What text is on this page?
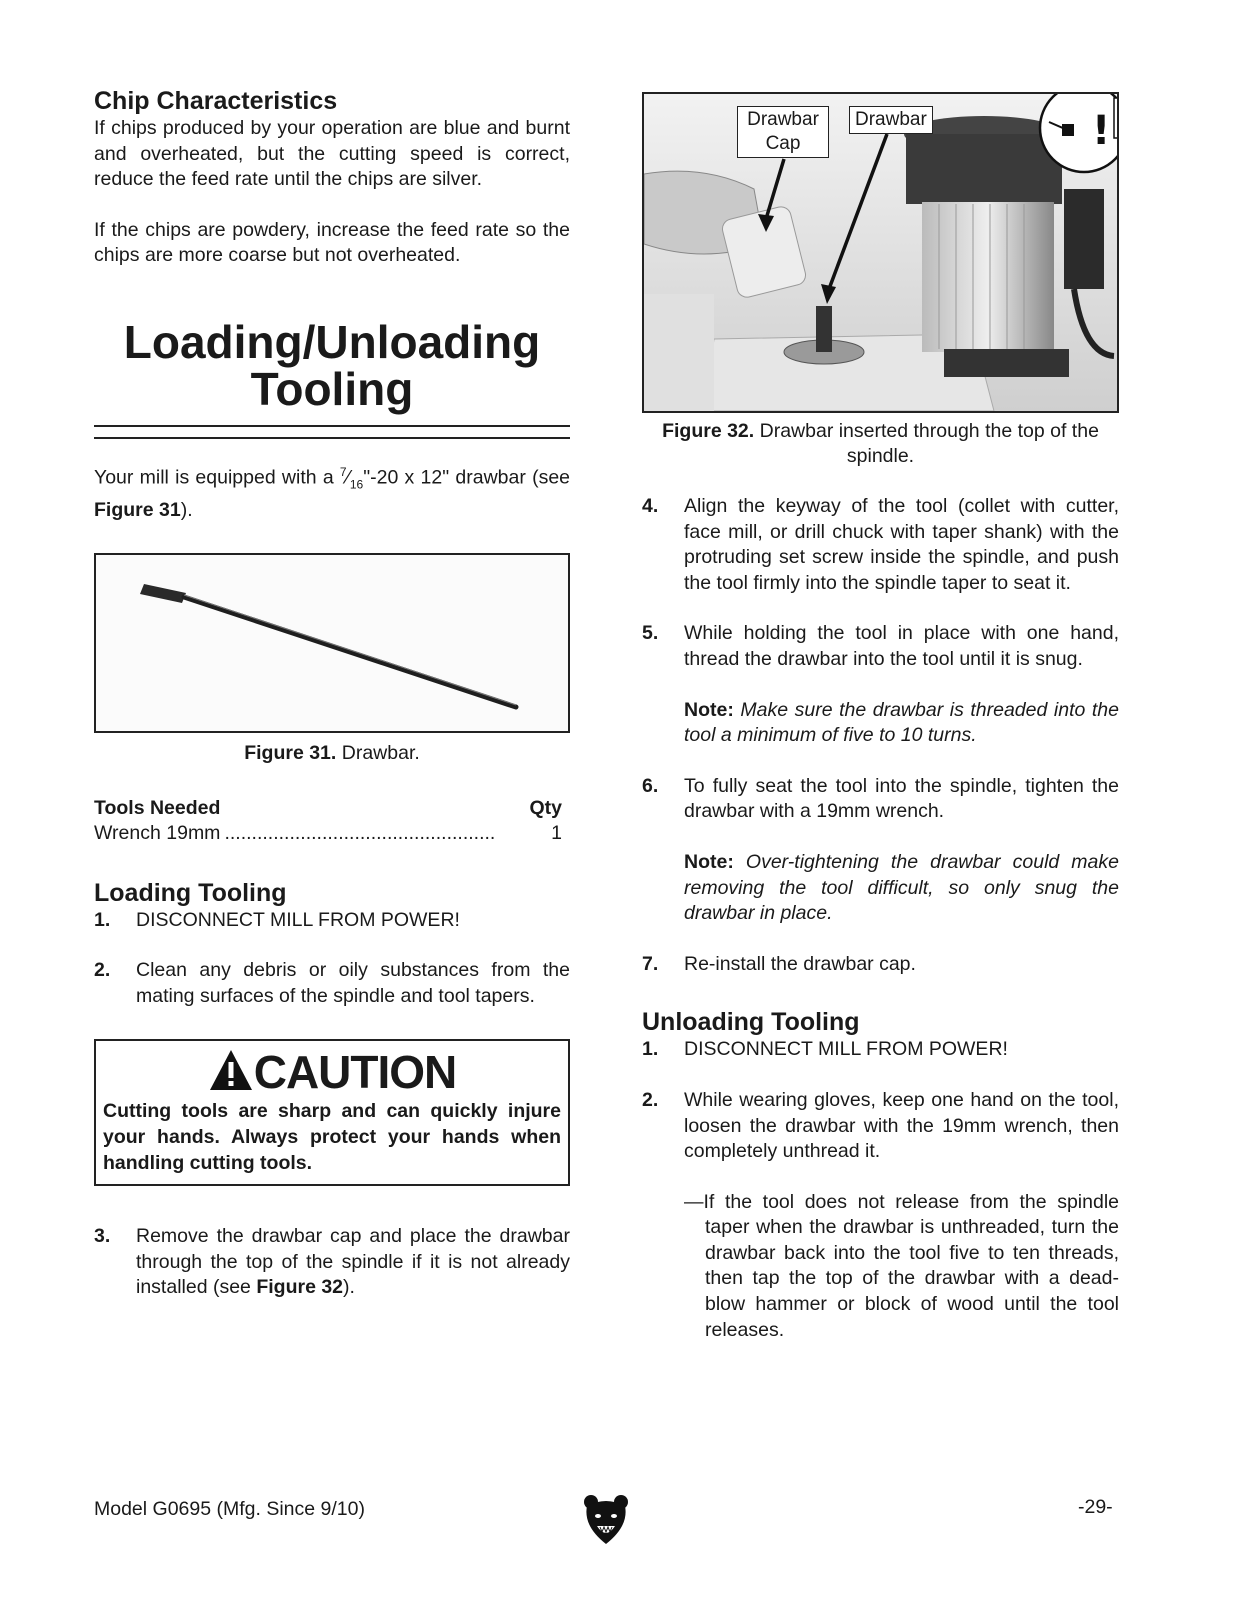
Chip Characteristics

If chips produced by your operation are blue and burnt and overheated, but the cutting speed is correct, reduce the feed rate until the chips are silver.

If the chips are powdery, increase the feed rate so the chips are more coarse but not overheated.

Loading/Unloading
Tooling

Your mill is equipped with a $^7⁄_{16}"-20$ x 12" drawbar (see Figure 31).

Figure 31. Drawbar.
Tools Needed	Qty
Wrench 19mm ..................................................	1
Loading Tooling
1. DISCONNECT MILL FROM POWER!
2. Clean any debris or oily substances from the mating surfaces of the spindle and tool tapers.
CAUTION
Cutting tools are sharp and can quickly injure your hands. Always protect your hands when handling cutting tools.
3. Remove the drawbar cap and place the drawbar through the top of the spindle if it is not already installed (see Figure 32).
!
Drawbar Cap
Drawbar
Figure 32. Drawbar inserted through the top of the spindle.
4. Align the keyway of the tool (collet with cutter, face mill, or drill chuck with taper shank) with the protruding set screw inside the spindle, and push the tool firmly into the spindle taper to seat it.
5. While holding the tool in place with one hand, thread the drawbar into the tool until it is snug.
Note: Make sure the drawbar is threaded into the tool a minimum of five to 10 turns.
6. To fully seat the tool into the spindle, tighten the drawbar with a 19mm wrench.
Note: Over-tightening the drawbar could make removing the tool difficult, so only snug the drawbar in place.
7. Re-install the drawbar cap.
Unloading Tooling
1. DISCONNECT MILL FROM POWER!
2. While wearing gloves, keep one hand on the tool, loosen the drawbar with the 19mm wrench, then completely unthread it.
—If the tool does not release from the spindle taper when the drawbar is unthreaded, turn the drawbar back into the tool five to ten threads, then tap the top of the drawbar with a dead-blow hammer or block of wood until the tool releases.
Model G0695 (Mfg. Since 9/10)	-29-
